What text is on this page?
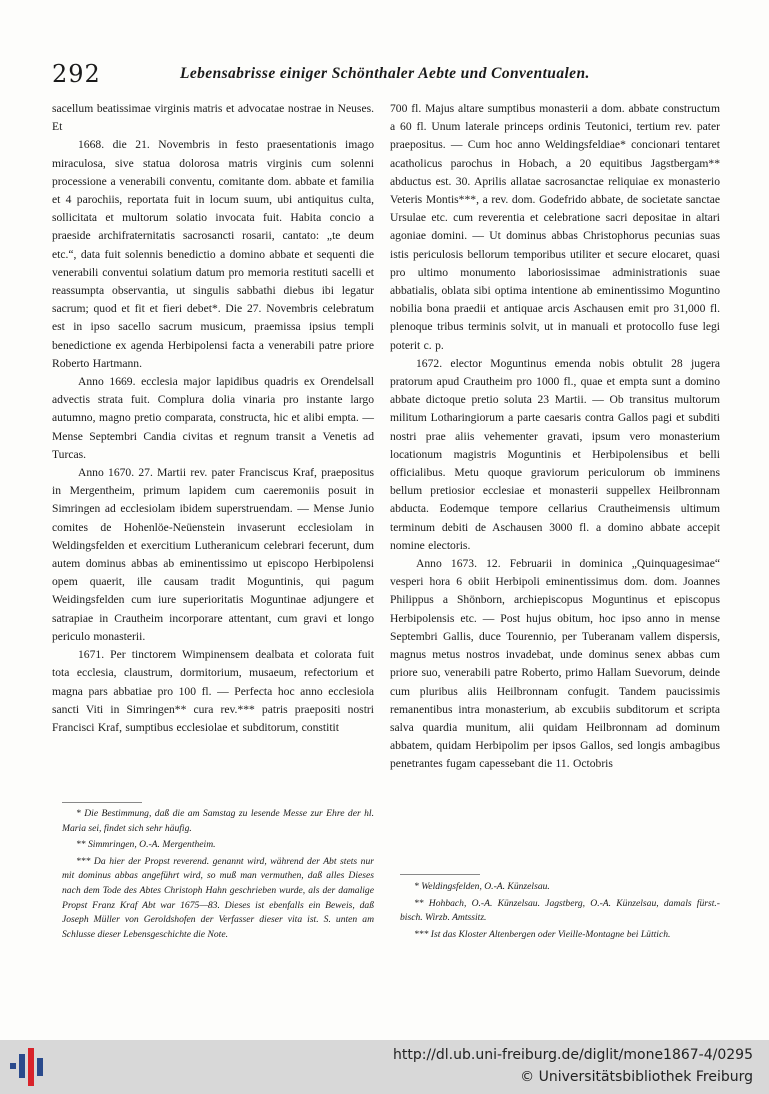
292	Lebensabrisse einiger Schönthaler Aebte und Conventualen.

sacellum beatissimae virginis matris et advocatae nostrae in Neuses. Et

1668. die 21. Novembris in festo praesentationis imago miraculosa, sive statua dolorosa matris virginis cum solenni processione a venerabili conventu, comitante dom. abbate et familia et 4 parochiis, reportata fuit in locum suum, ubi antiquitus culta, sollicitata et multorum solatio invocata fuit. Habita concio a praeside archifraternitatis sacrosancti rosarii, cantato: „te deum etc.“, data fuit solennis benedictio a domino abbate et sequenti die venerabili conventui solatium datum pro memoria restituti sacelli et reassumpta observantia, ut singulis sabbathi diebus ibi legatur sacrum; quod et fit et fieri debet*. Die 27. Novembris celebratum est in ipso sacello sacrum musicum, praemissa ipsius templi benedictione ex agenda Herbipolensi facta a venerabili patre priore Roberto Hartmann.

Anno 1669. ecclesia major lapidibus quadris ex Orendelsall advectis strata fuit. Complura dolia vinaria pro instante largo autumno, magno pretio comparata, constructa, hic et alibi empta. — Mense Septembri Candia civitas et regnum transit a Venetis ad Turcas.

Anno 1670. 27. Martii rev. pater Franciscus Kraf, praepositus in Mergentheim, primum lapidem cum caeremoniis posuit in Simringen ad ecclesiolam ibidem superstruendam. — Mense Junio comites de Hohenlöe-Neüenstein invaserunt ecclesiolam in Weldingsfelden et exercitium Lutheranicum celebrari fecerunt, dum autem dominus abbas ab eminentissimo ut episcopo Herbipolensi opem quaerit, ille causam tradit Moguntinis, qui pagum Weidingsfelden cum iure superioritatis Moguntinae adjungere et satrapiae in Crautheim incorporare attentant, cum gravi et longo periculo monasterii.

1671. Per tinctorem Wimpinensem dealbata et colorata fuit tota ecclesia, claustrum, dormitorium, musaeum, refectorium et magna pars abbatiae pro 100 fl. — Perfecta hoc anno ecclesiola sancti Viti in Simringen** cura rev.*** patris praepositi nostri Francisci Kraf, sumptibus ecclesiolae et subditorum, constitit

700 fl. Majus altare sumptibus monasterii a dom. abbate constructum a 60 fl. Unum laterale princeps ordinis Teutonici, tertium rev. pater praepositus. — Cum hoc anno Weldingsfeldiae* concionari tentaret acatholicus parochus in Hobach, a 20 equitibus Jagstbergam** abductus est. 30. Aprilis allatae sacrosanctae reliquiae ex monasterio Veteris Montis***, a rev. dom. Godefrido abbate, de societate sanctae Ursulae etc. cum reverentia et celebratione sacri depositae in altari agoniae domini. — Ut dominus abbas Christophorus pecunias suas istis periculosis bellorum temporibus utiliter et secure elocaret, quasi pro ultimo monumento laboriosissimae administrationis suae abbatialis, oblata sibi optima intentione ab eminentissimo Moguntino nobilia bona praedii et antiquae arcis Aschausen emit pro 31,000 fl. plenoque tribus terminis solvit, ut in manuali et protocollo fuse legi poterit c. p.

1672. elector Moguntinus emenda nobis obtulit 28 jugera pratorum apud Crautheim pro 1000 fl., quae et empta sunt a domino abbate dictoque pretio soluta 23 Martii. — Ob transitus multorum militum Lotharingiorum a parte caesaris contra Gallos pagi et subditi nostri prae aliis vehementer gravati, ipsum vero monasterium locationum magistris Moguntinis et Herbipolensibus et belli officialibus. Metu quoque graviorum periculorum ob imminens bellum pretiosior ecclesiae et monasterii suppellex Heilbronnam abducta. Eodemque tempore cellarius Crautheimensis ultimum terminum debiti de Aschausen 3000 fl. a domino abbate accepit nomine electoris.

Anno 1673. 12. Februarii in dominica „Quinquagesimae“ vesperi hora 6 obiit Herbipoli eminentissimus dom. dom. Joannes Philippus a Shönborn, archiepiscopus Moguntinus et episcopus Herbipolensis etc. — Post hujus obitum, hoc ipso anno in mense Septembri Gallis, duce Tourennio, per Tuberanam vallem dispersis, magnus metus nostros invadebat, unde dominus senex abbas cum priore suo, venerabili patre Roberto, primo Hallam Suevorum, deinde cum pluribus aliis Heilbronnam confugit. Tandem paucissimis remanentibus intra monasterium, ab excubiis subditorum et scripta salva quardia munitum, alii quidam Heilbronnam ad dominum abbatem, quidam Herbipolim per ipsos Gallos, sed longis ambagibus penetrantes fugam capessebant die 11. Octobris

* Die Bestimmung, daß die am Samstag zu lesende Messe zur Ehre der hl. Maria sei, findet sich sehr häufig.

** Simmringen, O.-A. Mergentheim.

*** Da hier der Propst reverend. genannt wird, während der Abt stets nur mit dominus abbas angeführt wird, so muß man vermuthen, daß alles Dieses nach dem Tode des Abtes Christoph Hahn geschrieben wurde, als der damalige Propst Franz Kraf Abt war 1675—83. Dieses ist ebenfalls ein Beweis, daß Joseph Müller von Geroldshofen der Verfasser dieser vita ist. S. unten am Schlusse dieser Lebensgeschichte die Note.

* Weldingsfelden, O.-A. Künzelsau.

** Hohbach, O.-A. Künzelsau. Jagstberg, O.-A. Künzelsau, damals fürst.-bisch. Wirzb. Amtssitz.

*** Ist das Kloster Altenbergen oder Vieille-Montagne bei Lüttich.

http://dl.ub.uni-freiburg.de/diglit/mone1867-4/0295
© Universitätsbibliothek Freiburg
